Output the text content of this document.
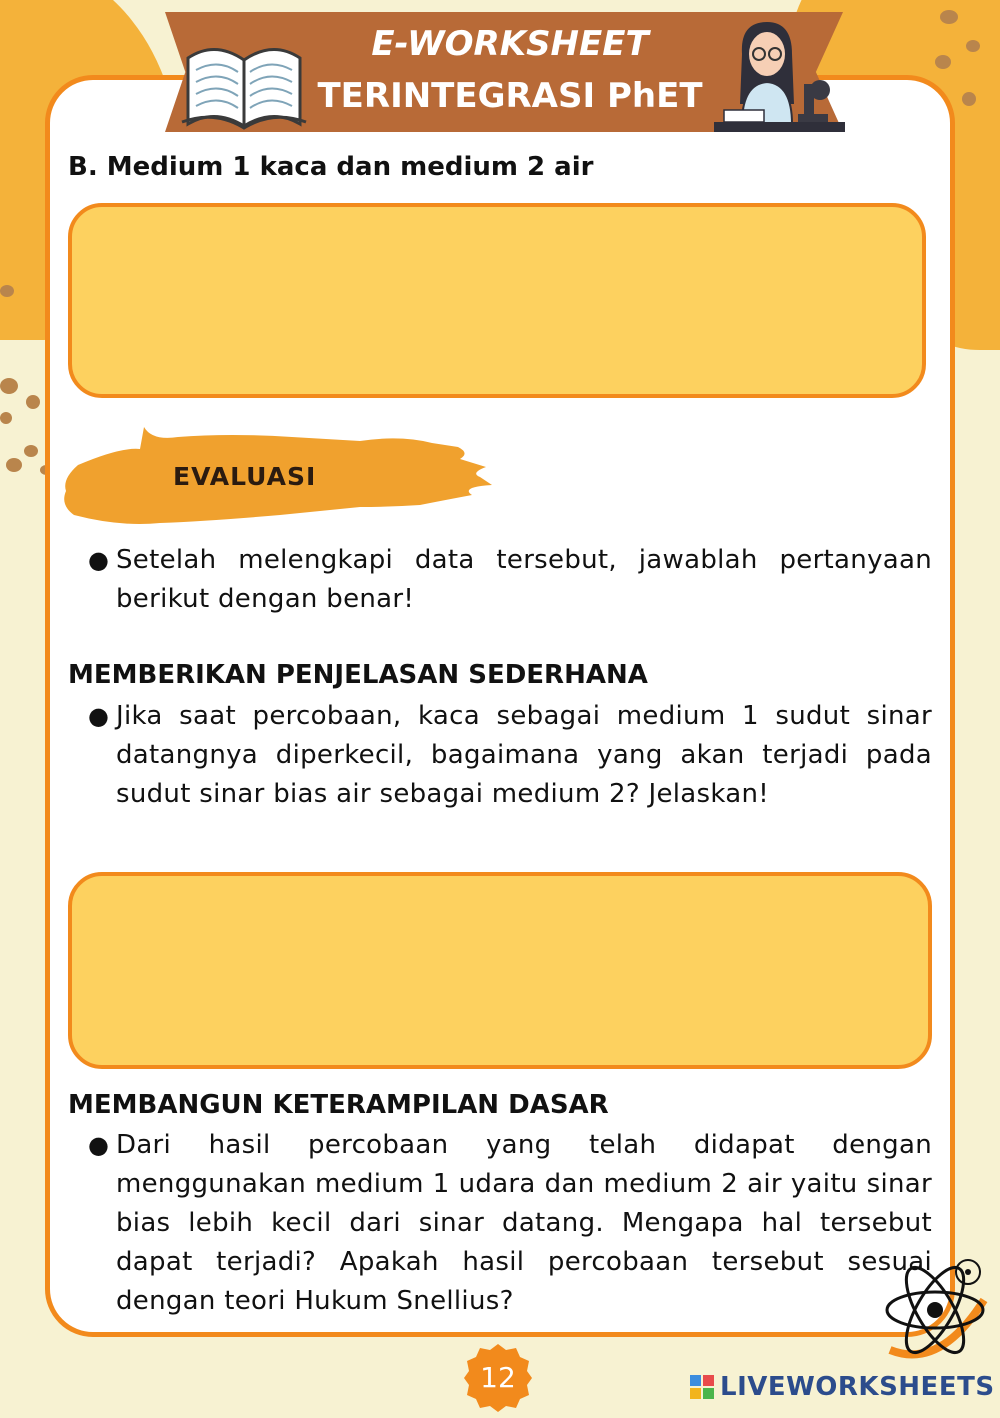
E-WORKSHEET
TERINTEGRASI PhET
B. Medium 1 kaca dan medium 2 air
EVALUASI
● Setelah melengkapi data tersebut, jawablah pertanyaan berikut dengan benar!
MEMBERIKAN PENJELASAN SEDERHANA
● Jika saat percobaan, kaca sebagai medium 1 sudut sinar datangnya diperkecil, bagaimana yang akan terjadi pada sudut sinar bias air sebagai medium 2? Jelaskan!
MEMBANGUN KETERAMPILAN DASAR
● Dari hasil percobaan yang telah didapat dengan menggunakan medium 1 udara dan medium 2 air yaitu sinar bias lebih kecil dari sinar datang. Mengapa hal tersebut dapat terjadi? Apakah hasil percobaan tersebut sesuai dengan teori Hukum Snellius?
12	LIVEWORKSHEETS
